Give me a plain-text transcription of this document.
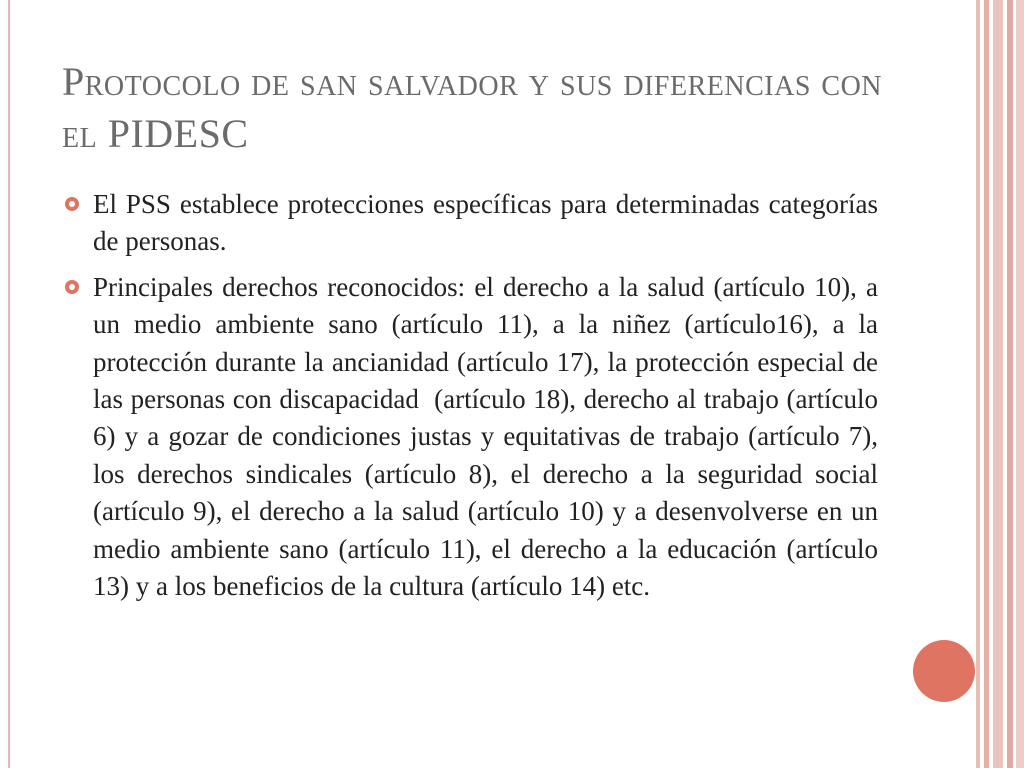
Protocolo de san salvador y sus diferencias con el PIDESC

El PSS establece protecciones específicas para determinadas categorías de personas.

Principales derechos reconocidos: el derecho a la salud (artículo 10), a un medio ambiente sano (artículo 11), a la niñez (artículo16), a la protección durante la ancianidad (artículo 17), la protección especial de las personas con discapacidad  (artículo 18), derecho al trabajo (artículo 6) y a gozar de condiciones justas y equitativas de trabajo (artículo 7), los derechos sindicales (artículo 8), el derecho a la seguridad social (artículo 9), el derecho a la salud (artículo 10) y a desenvolverse en un medio ambiente sano (artículo 11), el derecho a la educación (artículo 13) y a los beneficios de la cultura (artículo 14) etc.
